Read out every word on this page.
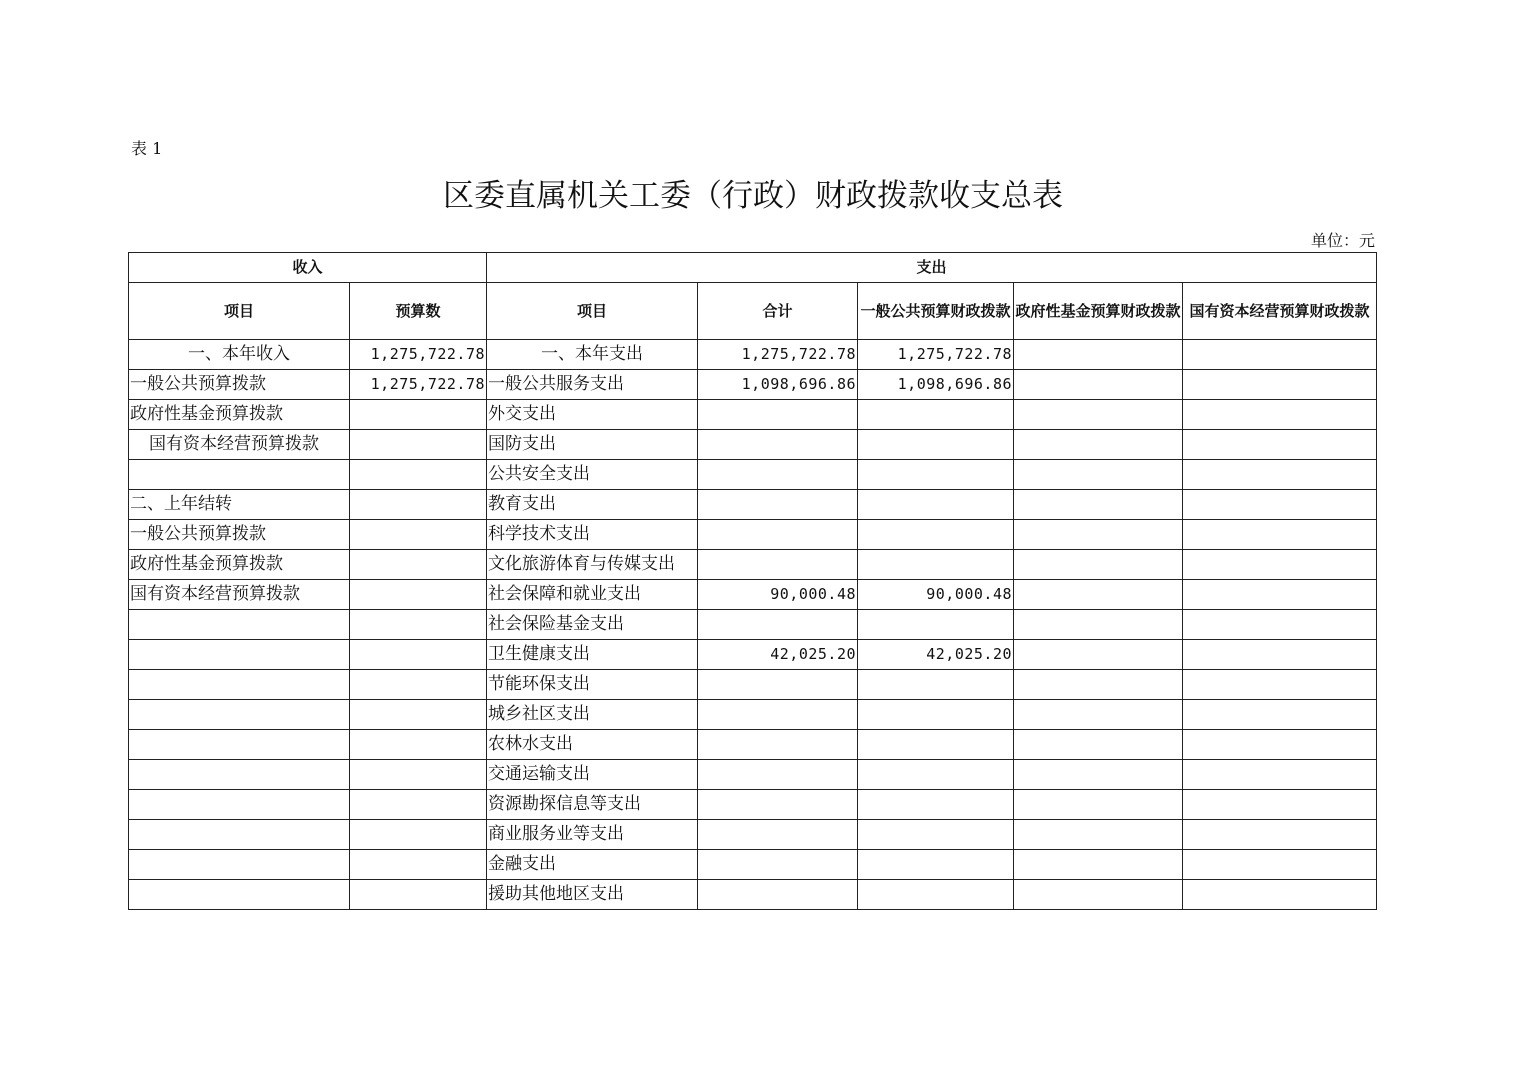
表 1
区委直属机关工委（行政）财政拨款收支总表
单位：元
收入		支出				
项目	预算数	项目	合计	一般公共预算财政拨款	政府性基金预算财政拨款	国有资本经营预算财政拨款
一、本年收入	1,275,722.78	一、本年支出	1,275,722.78	1,275,722.78		
一般公共预算拨款	1,275,722.78	一般公共服务支出	1,098,696.86	1,098,696.86		
政府性基金预算拨款		外交支出				
国有资本经营预算拨款		国防支出				
		公共安全支出				
二、上年结转		教育支出				
一般公共预算拨款		科学技术支出				
政府性基金预算拨款		文化旅游体育与传媒支出				
国有资本经营预算拨款		社会保障和就业支出	90,000.48	90,000.48		
		社会保险基金支出				
		卫生健康支出	42,025.20	42,025.20		
		节能环保支出				
		城乡社区支出				
		农林水支出				
		交通运输支出				
		资源勘探信息等支出				
		商业服务业等支出				
		金融支出				
		援助其他地区支出				
